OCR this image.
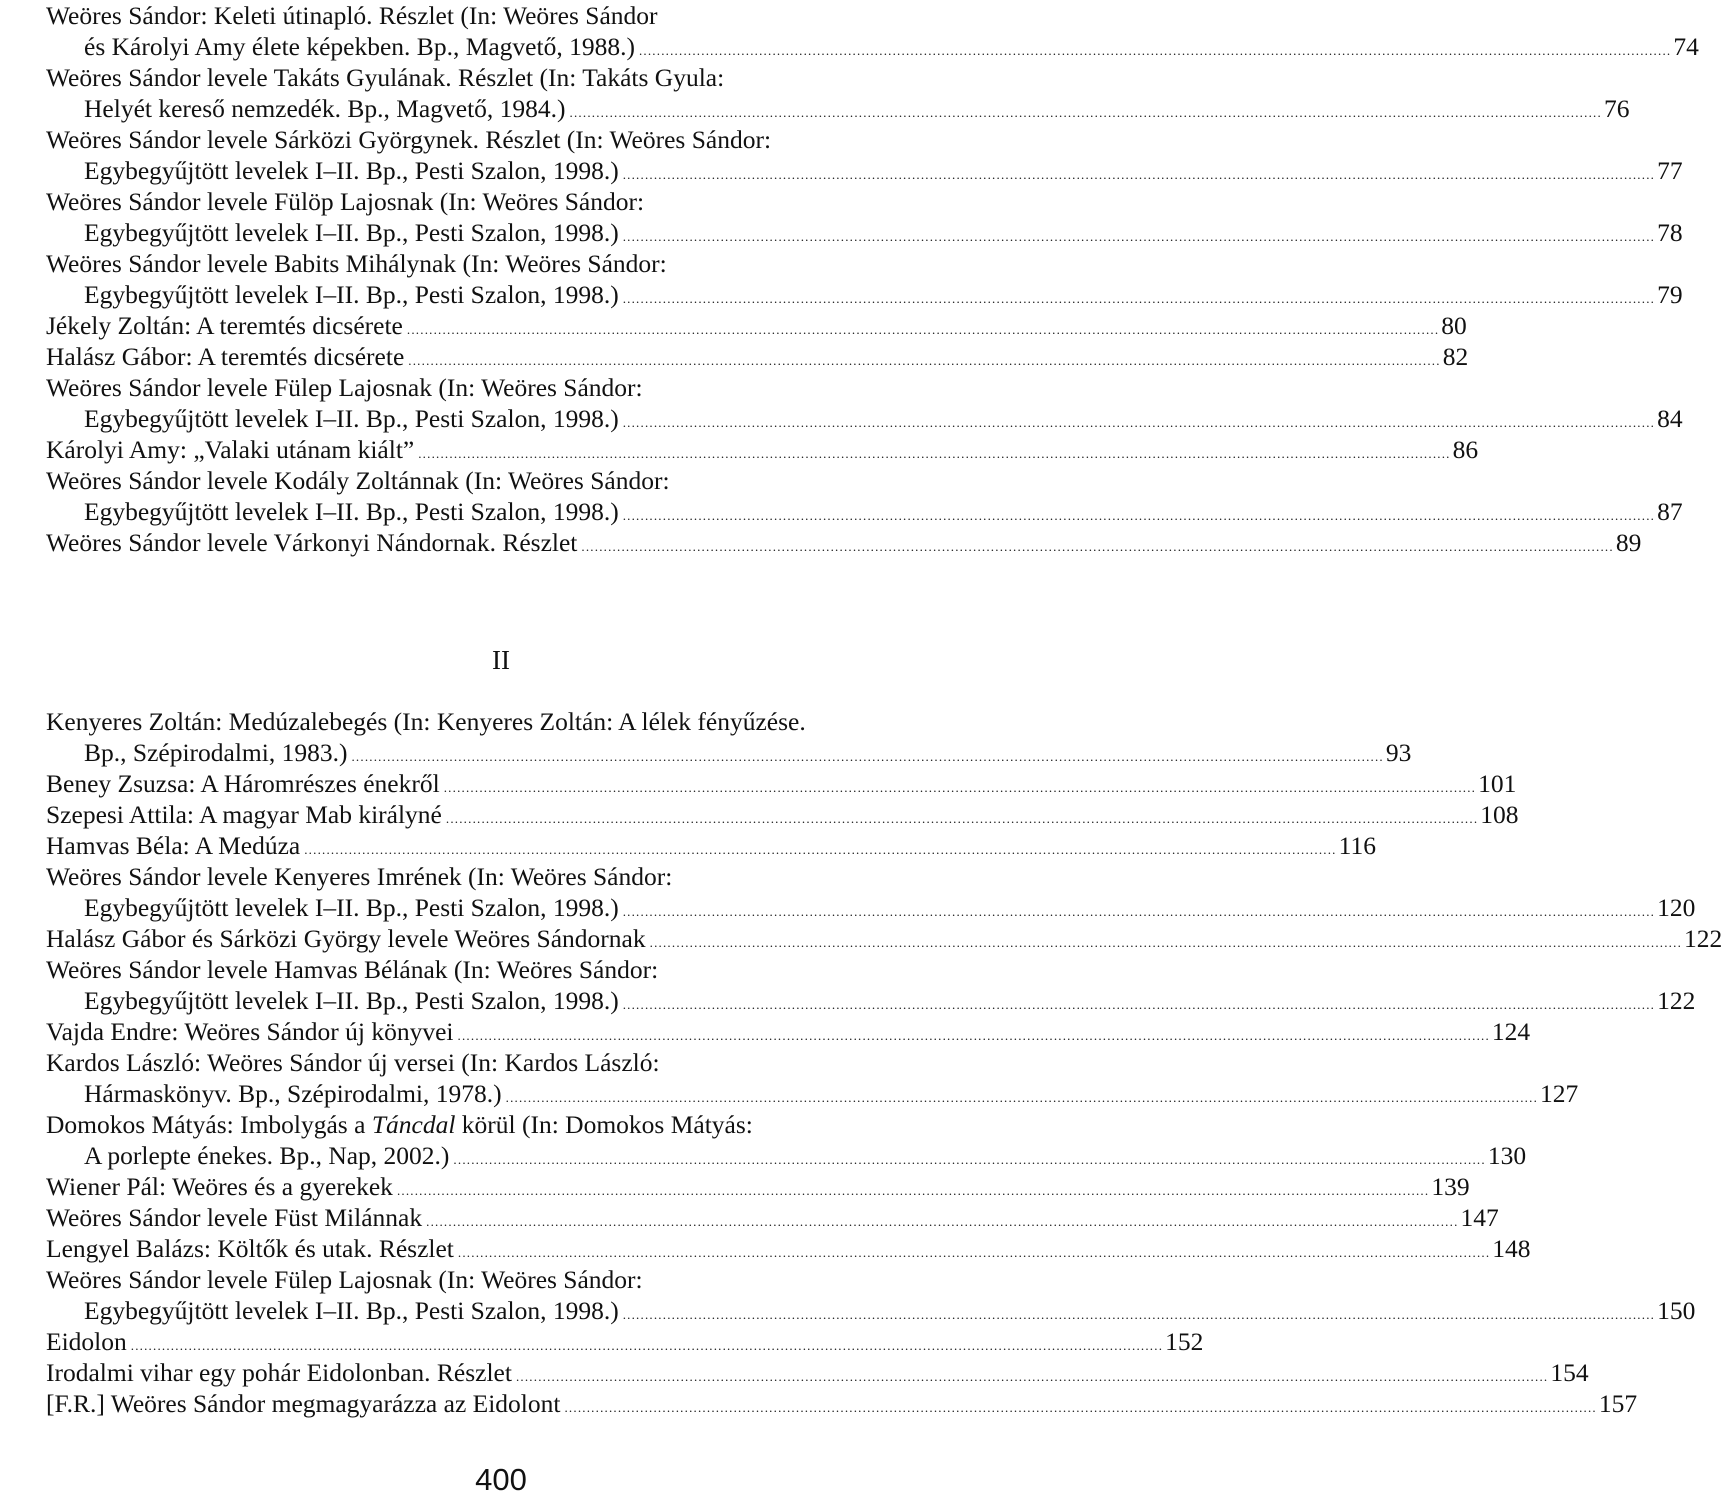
Weöres Sándor: Keleti útinapló. Részlet (In: Weöres Sándor
és Károlyi Amy élete képekben. Bp., Magvető, 1988.) .....	74
Weöres Sándor levele Takáts Gyulának. Részlet (In: Takáts Gyula:
Helyét kereső nemzedék. Bp., Magvető, 1984.) .....	76
Weöres Sándor levele Sárközi Györgynek. Részlet (In: Weöres Sándor:
Egybegyűjtött levelek I–II. Bp., Pesti Szalon, 1998.) .....	77
Weöres Sándor levele Fülöp Lajosnak (In: Weöres Sándor:
Egybegyűjtött levelek I–II. Bp., Pesti Szalon, 1998.) .....	78
Weöres Sándor levele Babits Mihálynak (In: Weöres Sándor:
Egybegyűjtött levelek I–II. Bp., Pesti Szalon, 1998.) .....	79
Jékely Zoltán: A teremtés dicsérete .....	80
Halász Gábor: A teremtés dicsérete .....	82
Weöres Sándor levele Fülep Lajosnak (In: Weöres Sándor:
Egybegyűjtött levelek I–II. Bp., Pesti Szalon, 1998.) .....	84
Károlyi Amy: „Valaki utánam kiált” .....	86
Weöres Sándor levele Kodály Zoltánnak (In: Weöres Sándor:
Egybegyűjtött levelek I–II. Bp., Pesti Szalon, 1998.) .....	87
Weöres Sándor levele Várkonyi Nándornak. Részlet .....	89
II
Kenyeres Zoltán: Medúzalebegés (In: Kenyeres Zoltán: A lélek fényűzése.
Bp., Szépirodalmi, 1983.) .....	93
Beney Zsuzsa: A Háromrészes énekről .....	101
Szepesi Attila: A magyar Mab királyné .....	108
Hamvas Béla: A Medúza .....	116
Weöres Sándor levele Kenyeres Imrének (In: Weöres Sándor:
Egybegyűjtött levelek I–II. Bp., Pesti Szalon, 1998.) .....	120
Halász Gábor és Sárközi György levele Weöres Sándornak .....	122
Weöres Sándor levele Hamvas Bélának (In: Weöres Sándor:
Egybegyűjtött levelek I–II. Bp., Pesti Szalon, 1998.) .....	122
Vajda Endre: Weöres Sándor új könyvei .....	124
Kardos László: Weöres Sándor új versei (In: Kardos László:
Hármaskönyv. Bp., Szépirodalmi, 1978.) .....	127
Domokos Mátyás: Imbolygás a Táncdal körül (In: Domokos Mátyás:
A porlepte énekes. Bp., Nap, 2002.) .....	130
Wiener Pál: Weöres és a gyerekek .....	139
Weöres Sándor levele Füst Milánnak .....	147
Lengyel Balázs: Költők és utak. Részlet .....	148
Weöres Sándor levele Fülep Lajosnak (In: Weöres Sándor:
Egybegyűjtött levelek I–II. Bp., Pesti Szalon, 1998.) .....	150
Eidolon .....	152
Irodalmi vihar egy pohár Eidolonban. Részlet .....	154
[F.R.] Weöres Sándor megmagyarázza az Eidolont .....	157
400
